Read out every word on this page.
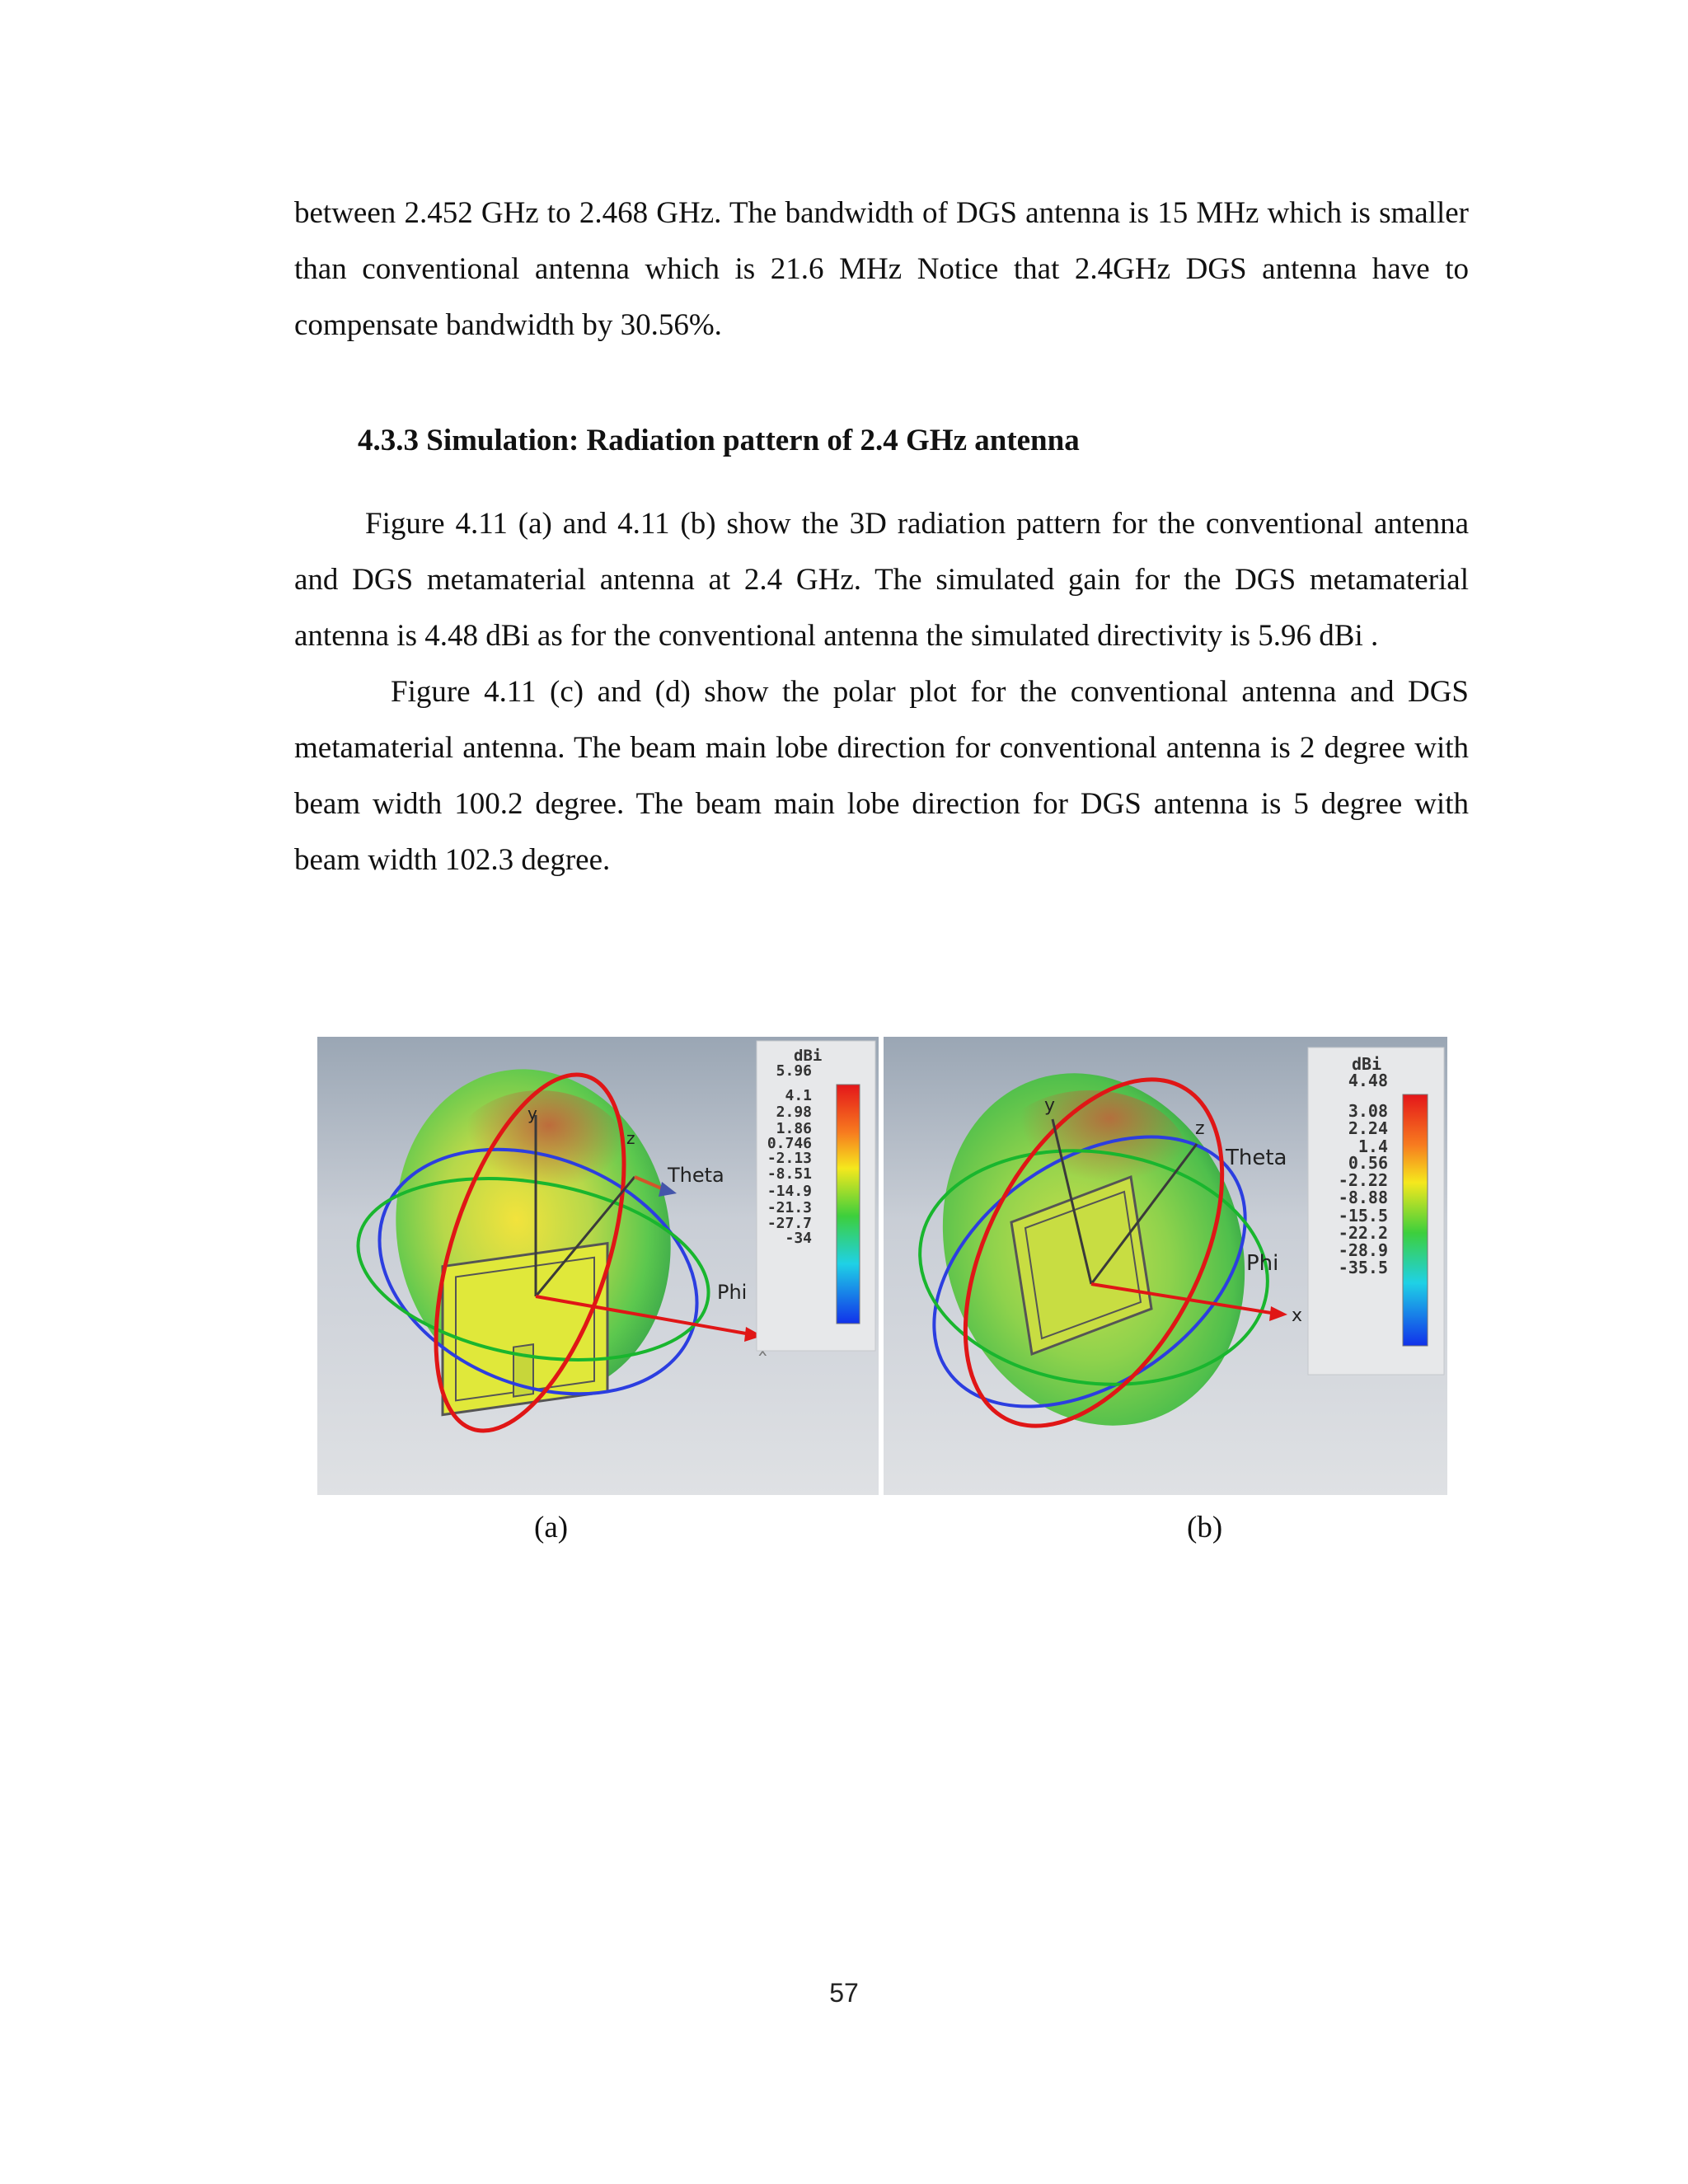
between 2.452 GHz to 2.468 GHz. The bandwidth of DGS antenna is 15 MHz which is smaller than conventional antenna which is 21.6 MHz Notice that 2.4GHz DGS antenna have to compensate bandwidth by 30.56%.

4.3.3 Simulation: Radiation pattern of 2.4 GHz antenna

Figure 4.11 (a) and 4.11 (b) show the 3D radiation pattern for the conventional antenna and DGS metamaterial antenna at 2.4 GHz. The simulated gain for the DGS metamaterial antenna is 4.48 dBi as for the conventional antenna the simulated directivity is 5.96 dBi .

Figure 4.11 (c) and (d) show the polar plot for the conventional antenna and DGS metamaterial antenna. The beam main lobe direction for conventional antenna is 2 degree with beam width 100.2 degree. The beam main lobe direction for DGS antenna is 5 degree with beam width 102.3 degree.

y
z
Theta
Phi
dBi
5.96
4.1
2.98
1.86
0.746
-2.13
-8.51
-14.9
-21.3
-27.7
-34
y
z
x
Theta
Phi
dBi
4.48
3.08
2.24
1.4
0.56
-2.22
-8.88
-15.5
-22.2
-28.9
-35.5
(a)	(b)
57
